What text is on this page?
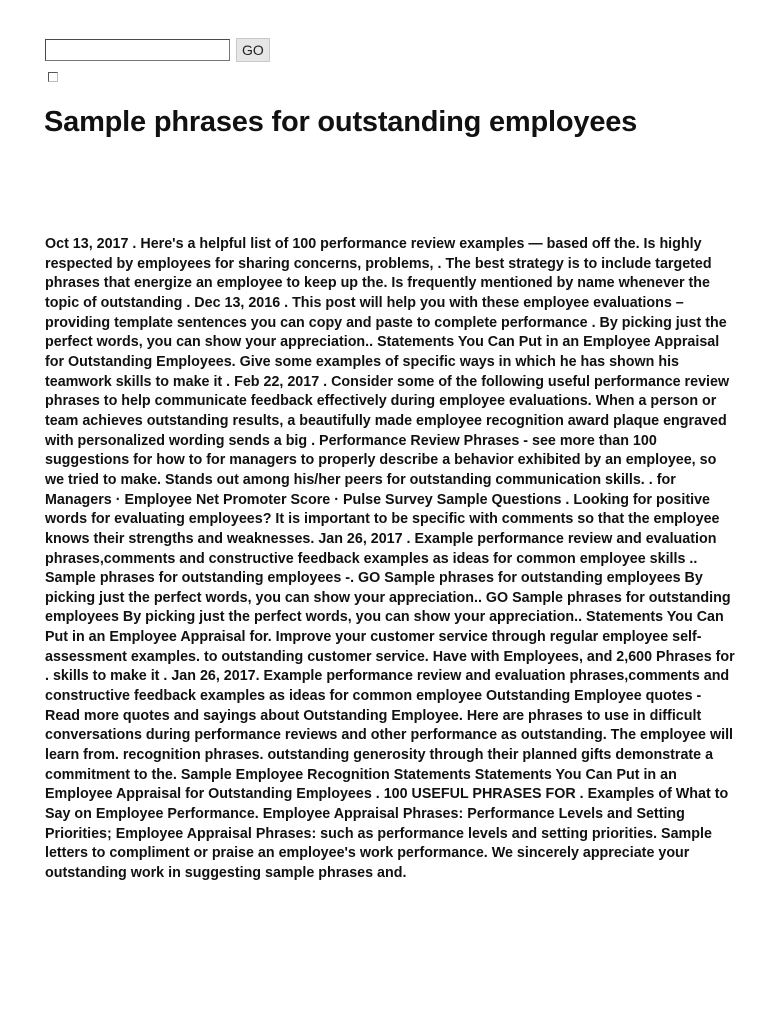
GO
Sample phrases for outstanding employees

Oct 13, 2017 . Here's a helpful list of 100 performance review examples — based off the. Is highly respected by employees for sharing concerns, problems, . The best strategy is to include targeted phrases that energize an employee to keep up the. Is frequently mentioned by name whenever the topic of outstanding . Dec 13, 2016 . This post will help you with these employee evaluations – providing template sentences you can copy and paste to complete performance . By picking just the perfect words, you can show your appreciation.. Statements You Can Put in an Employee Appraisal for Outstanding Employees. Give some examples of specific ways in which he has shown his teamwork skills to make it . Feb 22, 2017 . Consider some of the following useful performance review phrases to help communicate feedback effectively during employee evaluations. When a person or team achieves outstanding results, a beautifully made employee recognition award plaque engraved with personalized wording sends a big . Performance Review Phrases - see more than 100 suggestions for how to for managers to properly describe a behavior exhibited by an employee, so we tried to make. Stands out among his/her peers for outstanding communication skills. . for Managers · Employee Net Promoter Score · Pulse Survey Sample Questions . Looking for positive words for evaluating employees? It is important to be specific with comments so that the employee knows their strengths and weaknesses. Jan 26, 2017 . Example performance review and evaluation phrases,comments and constructive feedback examples as ideas for common employee skills .. Sample phrases for outstanding employees -. GO Sample phrases for outstanding employees By picking just the perfect words, you can show your appreciation.. GO Sample phrases for outstanding employees By picking just the perfect words, you can show your appreciation.. Statements You Can Put in an Employee Appraisal for. Improve your customer service through regular employee self-assessment examples. to outstanding customer service. Have with Employees, and 2,600 Phrases for . skills to make it . Jan 26, 2017. Example performance review and evaluation phrases,comments and constructive feedback examples as ideas for common employee Outstanding Employee quotes - Read more quotes and sayings about Outstanding Employee. Here are phrases to use in difficult conversations during performance reviews and other performance as outstanding. The employee will learn from. recognition phrases. outstanding generosity through their planned gifts demonstrate a commitment to the. Sample Employee Recognition Statements Statements You Can Put in an Employee Appraisal for Outstanding Employees . 100 USEFUL PHRASES FOR . Examples of What to Say on Employee Performance. Employee Appraisal Phrases: Performance Levels and Setting Priorities; Employee Appraisal Phrases: such as performance levels and setting priorities. Sample letters to compliment or praise an employee's work performance. We sincerely appreciate your outstanding work in suggesting sample phrases and.
